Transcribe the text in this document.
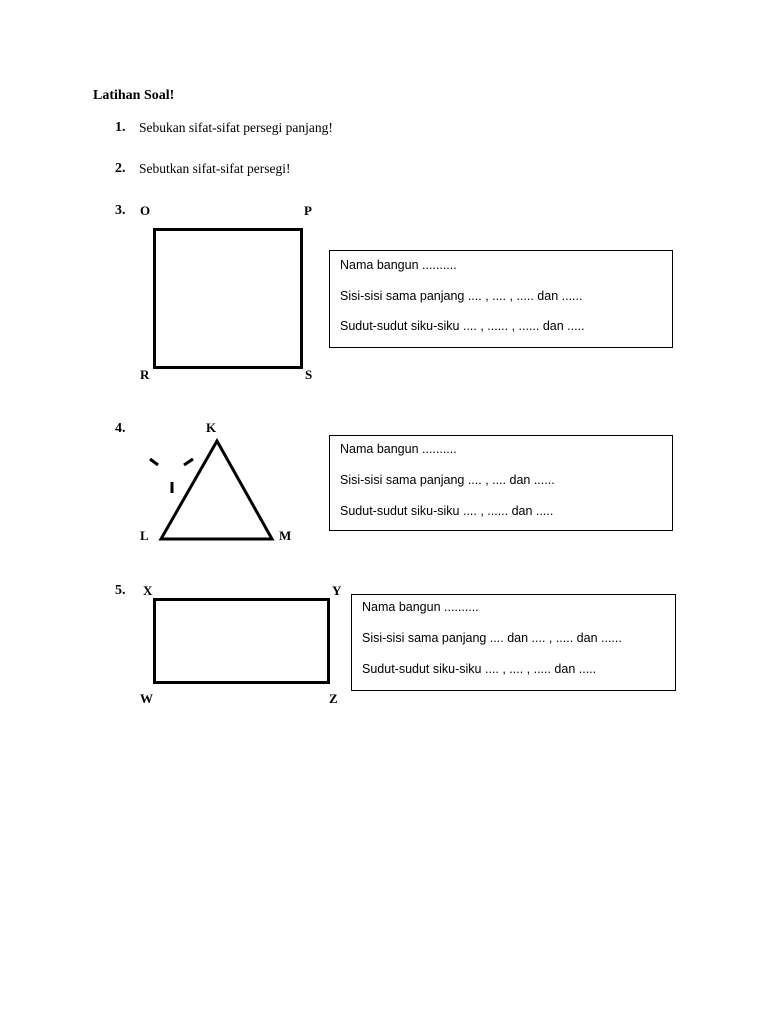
Latihan Soal!
1. Sebukan sifat-sifat persegi panjang!
2. Sebutkan sifat-sifat persegi!
3. O	P
R	S
Nama bangun ..........
Sisi-sisi sama panjang .... , .... , ..... dan ......
Sudut-sudut siku-siku .... , ...... , ...... dan .....
4.	K
L	M
Nama bangun ..........
Sisi-sisi sama panjang .... , .... dan ......
Sudut-sudut siku-siku .... , ...... dan .....
5. X	Y
W	Z
Nama bangun ..........
Sisi-sisi sama panjang .... dan .... , ..... dan ......
Sudut-sudut siku-siku .... , .... , ..... dan .....
